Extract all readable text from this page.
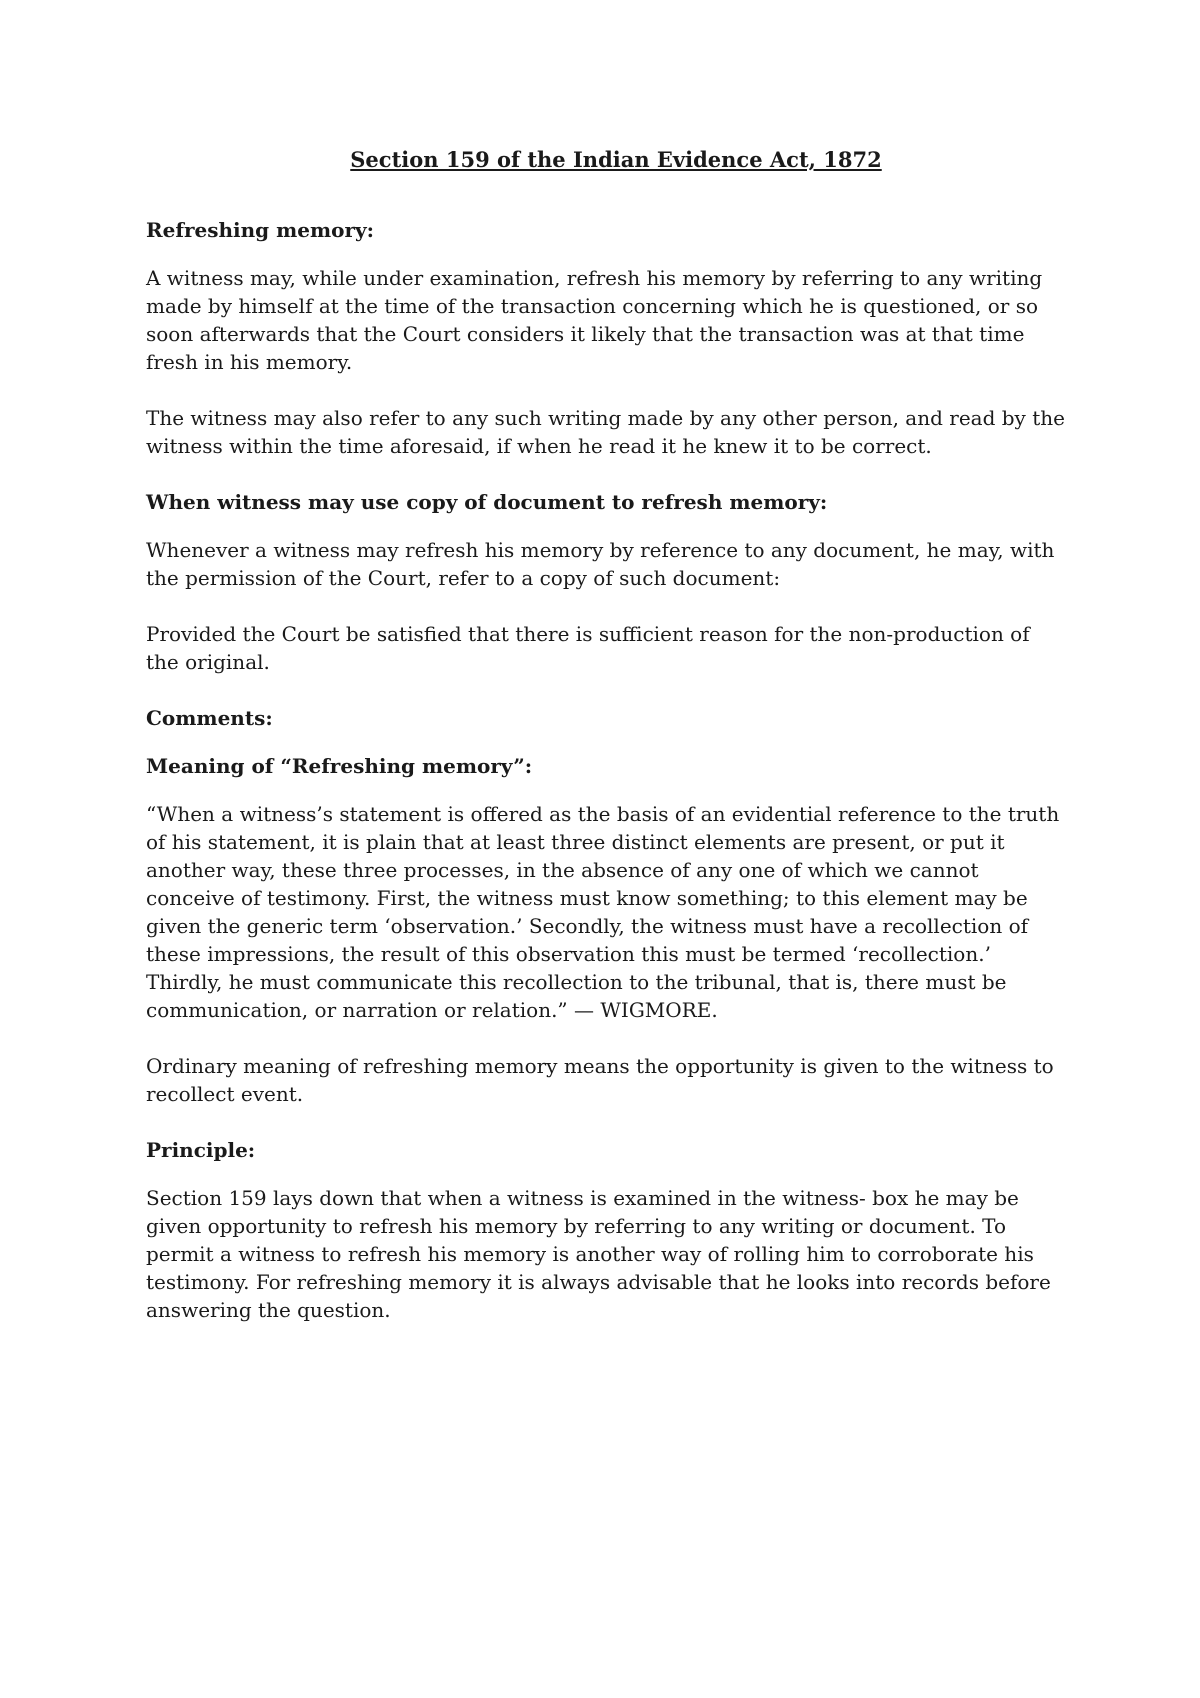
Section 159 of the Indian Evidence Act, 1872
Refreshing memory:

A witness may, while under examination, refresh his memory by referring to any writing made by himself at the time of the transaction concerning which he is questioned, or so soon afterwards that the Court considers it likely that the transaction was at that time fresh in his memory.

The witness may also refer to any such writing made by any other person, and read by the witness within the time aforesaid, if when he read it he knew it to be correct.

When witness may use copy of document to refresh memory:

Whenever a witness may refresh his memory by reference to any document, he may, with the permission of the Court, refer to a copy of such document:

Provided the Court be satisfied that there is sufficient reason for the non-production of the original.

Comments:
Meaning of “Refreshing memory”:

“When a witness’s statement is offered as the basis of an evidential reference to the truth of his statement, it is plain that at least three distinct elements are present, or put it another way, these three processes, in the absence of any one of which we cannot conceive of testimony. First, the witness must know something; to this element may be given the generic term ‘observation.’ Secondly, the witness must have a recollection of these impressions, the result of this observation this must be termed ‘recollection.’ Thirdly, he must communicate this recollection to the tribunal, that is, there must be communication, or narration or relation.” — WIGMORE.

Ordinary meaning of refreshing memory means the opportunity is given to the witness to recollect event.

Principle:

Section 159 lays down that when a witness is examined in the witness- box he may be given opportunity to refresh his memory by referring to any writing or document. To permit a witness to refresh his memory is another way of rolling him to corroborate his testimony. For refreshing memory it is always advisable that he looks into records before answering the question.
